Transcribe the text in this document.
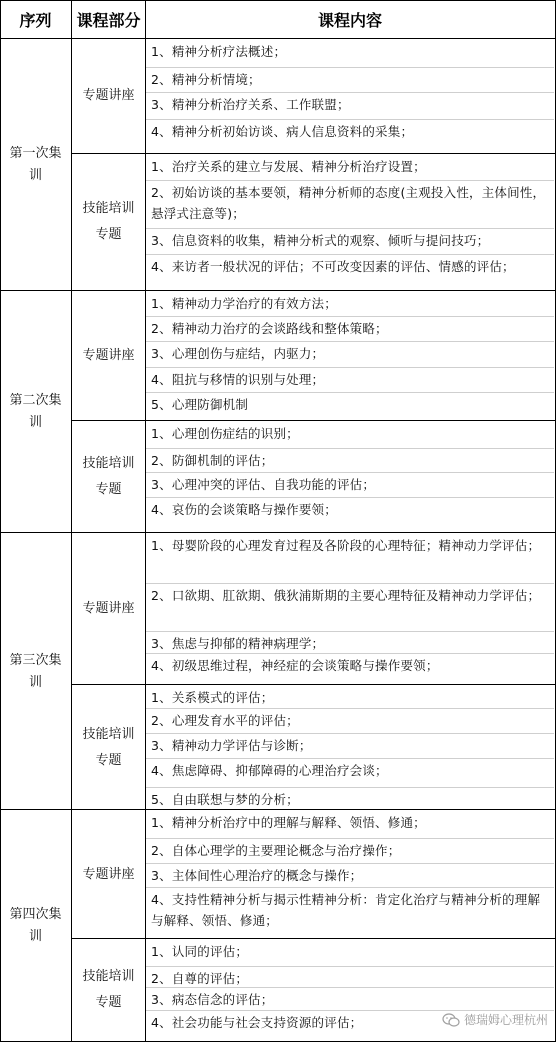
序列	课程部分	课程内容
第一次集训
专题讲座
1、精神分析疗法概述；
2、精神分析情境；
3、精神分析治疗关系、工作联盟；
4、精神分析初始访谈、病人信息资料的采集；
技能培训专题
1、治疗关系的建立与发展、精神分析治疗设置；
2、初始访谈的基本要领，精神分析师的态度(主观投入性，主体间性，悬浮式注意等)；
3、信息资料的收集，精神分析式的观察、倾听与提问技巧；
4、来访者一般状况的评估；不可改变因素的评估、情感的评估；
第二次集训
专题讲座
1、精神动力学治疗的有效方法；
2、精神动力治疗的会谈路线和整体策略；
3、心理创伤与症结，内驱力；
4、阻抗与移情的识别与处理；
5、心理防御机制
技能培训专题
1、心理创伤症结的识别；
2、防御机制的评估；
3、心理冲突的评估、自我功能的评估；
4、哀伤的会谈策略与操作要领；
第三次集训
专题讲座
1、母婴阶段的心理发育过程及各阶段的心理特征；精神动力学评估；
2、口欲期、肛欲期、俄狄浦斯期的主要心理特征及精神动力学评估；
3、焦虑与抑郁的精神病理学；
4、初级思维过程，神经症的会谈策略与操作要领；
技能培训专题
1、关系模式的评估；
2、心理发育水平的评估；
3、精神动力学评估与诊断；
4、焦虑障碍、抑郁障碍的心理治疗会谈；
5、自由联想与梦的分析；
第四次集训
专题讲座
1、精神分析治疗中的理解与解释、领悟、修通；
2、自体心理学的主要理论概念与治疗操作；
3、主体间性心理治疗的概念与操作；
4、支持性精神分析与揭示性精神分析：肯定化治疗与精神分析的理解与解释、领悟、修通；
技能培训专题
1、认同的评估；
2、自尊的评估；
3、病态信念的评估；
4、社会功能与社会支持资源的评估；	德瑞姆心理杭州
